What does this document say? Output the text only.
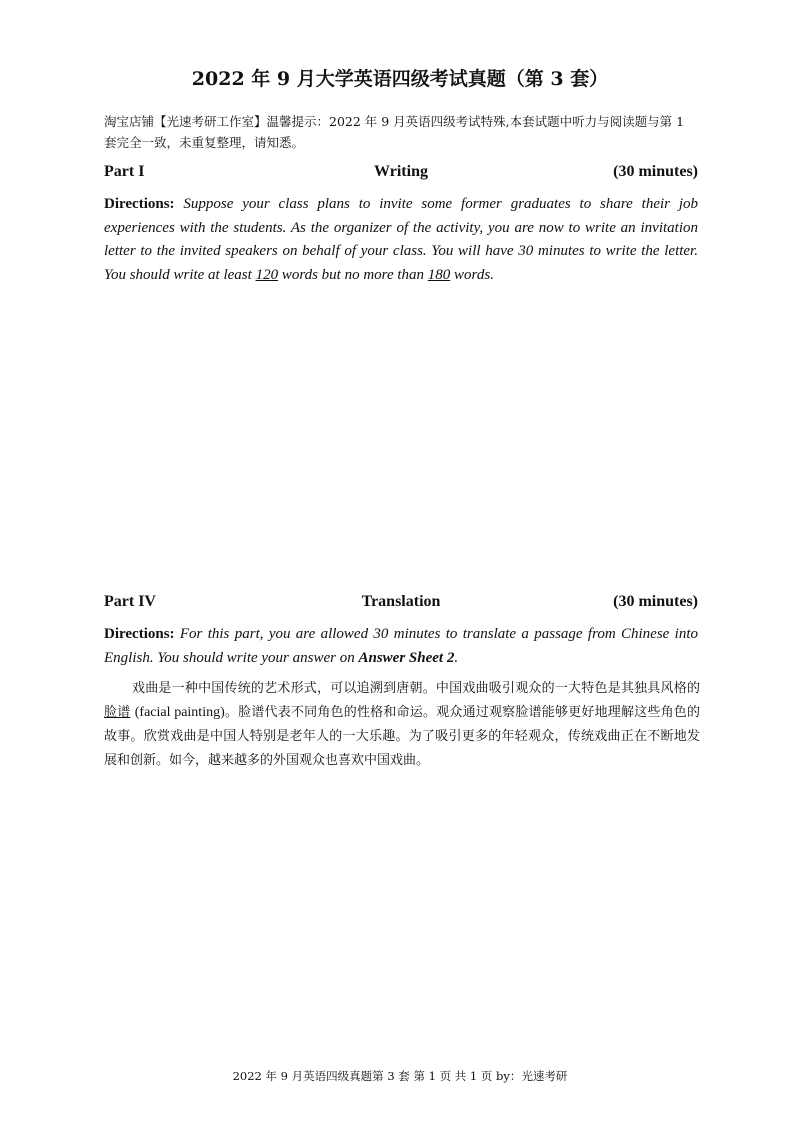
2022 年 9 月大学英语四级考试真题（第 3 套）
淘宝店铺【光速考研工作室】温馨提示：2022 年 9 月英语四级考试特殊,本套试题中听力与阅读题与第 1 套完全一致，未重复整理，请知悉。
Part I	Writing	(30 minutes)
Directions: Suppose your class plans to invite some former graduates to share their job experiences with the students. As the organizer of the activity, you are now to write an invitation letter to the invited speakers on behalf of your class. You will have 30 minutes to write the letter. You should write at least 120 words but no more than 180 words.
Part IV	Translation	(30 minutes)
Directions: For this part, you are allowed 30 minutes to translate a passage from Chinese into English. You should write your answer on Answer Sheet 2.
戏曲是一种中国传统的艺术形式，可以追溯到唐朝。中国戏曲吸引观众的一大特色是其独具风格的脸谱 (facial painting)。脸谱代表不同角色的性格和命运。观众通过观察脸谱能够更好地理解这些角色的故事。欣赏戏曲是中国人特别是老年人的一大乐趣。为了吸引更多的年轻观众，传统戏曲正在不断地发展和创新。如今，越来越多的外国观众也喜欢中国戏曲。
2022 年 9 月英语四级真题第 3 套 第 1 页 共 1 页 by：光速考研
